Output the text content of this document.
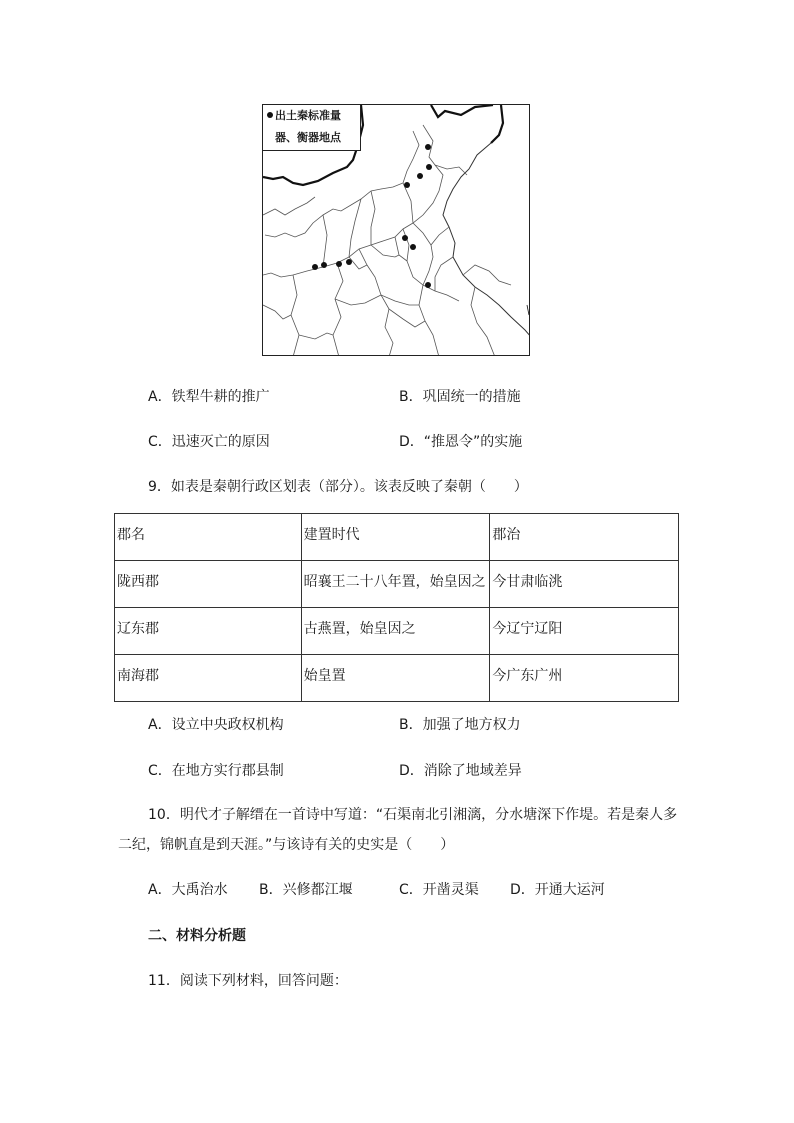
出土秦标准量
器、衡器地点
A．铁犁牛耕的推广	B．巩固统一的措施
C．迅速灭亡的原因	D．“推恩令”的实施
9．如表是秦朝行政区划表（部分）。该表反映了秦朝（　　）
郡名	建置时代	郡治
陇西郡	昭襄王二十八年置，始皇因之	今甘肃临洮
辽东郡	古燕置，始皇因之	今辽宁辽阳
南海郡	始皇置	今广东广州
A．设立中央政权机构	B．加强了地方权力
C．在地方实行郡县制	D．消除了地域差异
10．明代才子解缙在一首诗中写道：“石渠南北引湘漓，分水塘深下作堤。若是秦人多
二纪，锦帆直是到天涯。”与该诗有关的史实是（　　）
A．大禹治水 B．兴修都江堰	C．开凿灵渠 D．开通大运河
二、材料分析题
11．阅读下列材料，回答问题：
